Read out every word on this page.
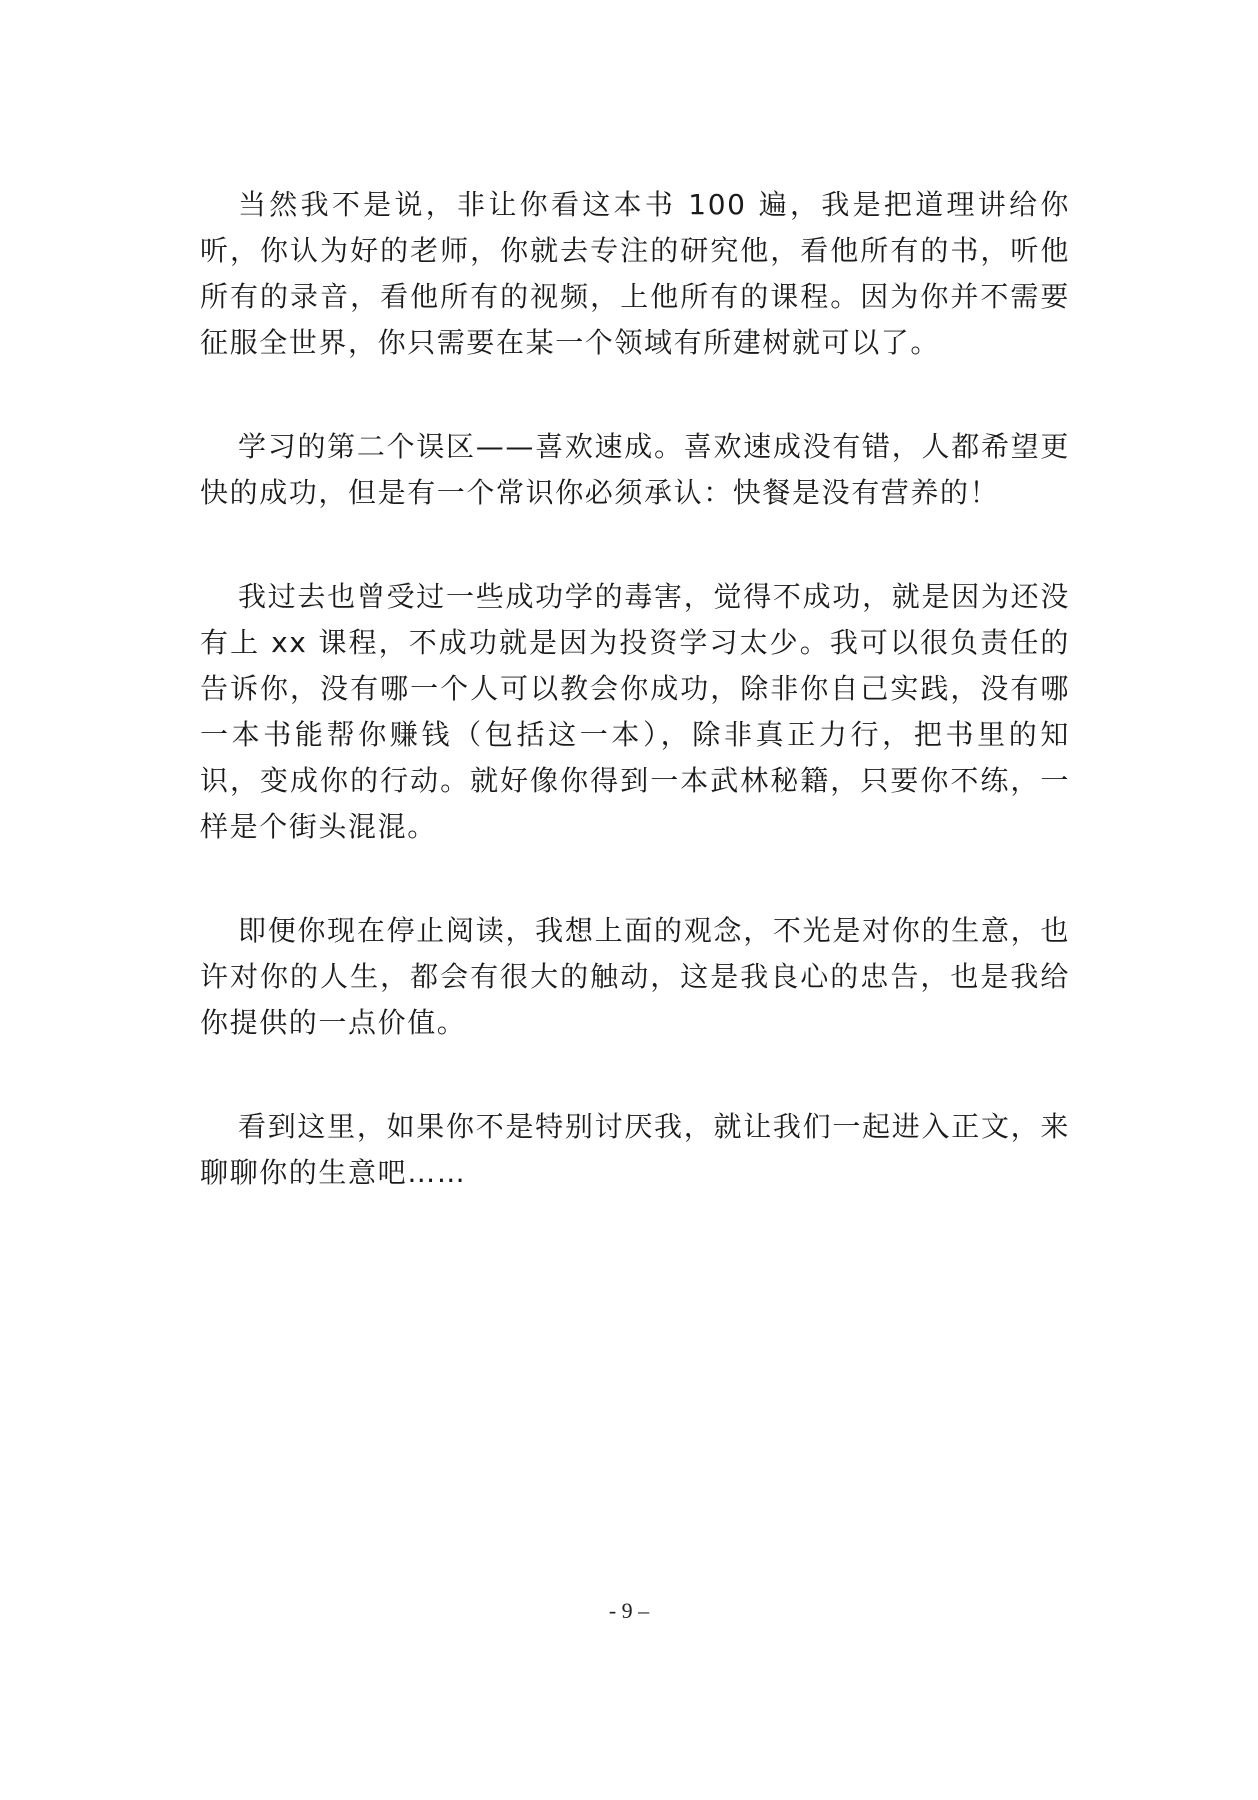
当然我不是说，非让你看这本书 100 遍，我是把道理讲给你听，你认为好的老师，你就去专注的研究他，看他所有的书，听他所有的录音，看他所有的视频，上他所有的课程。因为你并不需要征服全世界，你只需要在某一个领域有所建树就可以了。

学习的第二个误区——喜欢速成。喜欢速成没有错，人都希望更快的成功，但是有一个常识你必须承认：快餐是没有营养的！

我过去也曾受过一些成功学的毒害，觉得不成功，就是因为还没有上 xx 课程，不成功就是因为投资学习太少。我可以很负责任的告诉你，没有哪一个人可以教会你成功，除非你自己实践，没有哪一本书能帮你赚钱（包括这一本），除非真正力行，把书里的知识，变成你的行动。就好像你得到一本武林秘籍，只要你不练，一样是个街头混混。

即便你现在停止阅读，我想上面的观念，不光是对你的生意，也许对你的人生，都会有很大的触动，这是我良心的忠告，也是我给你提供的一点价值。

看到这里，如果你不是特别讨厌我，就让我们一起进入正文，来聊聊你的生意吧……

- 9 –
